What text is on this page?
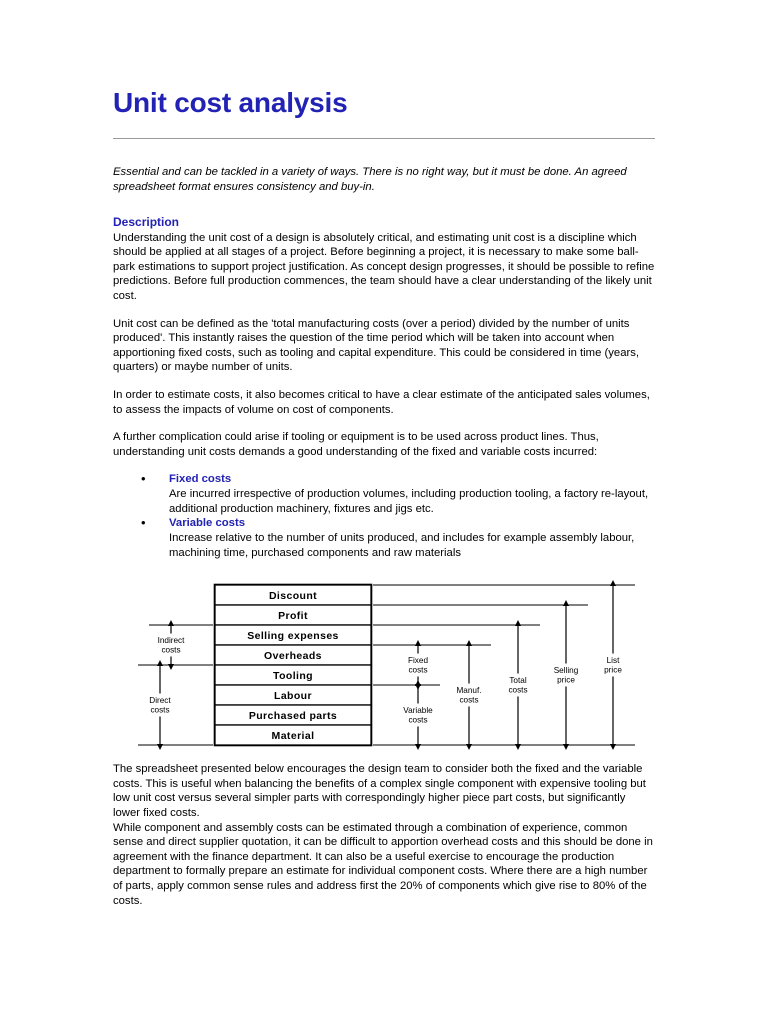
Unit cost analysis
Essential and can be tackled in a variety of ways. There is no right way, but it must be done. An agreed spreadsheet format ensures consistency and buy-in.
Description

Understanding the unit cost of a design is absolutely critical, and estimating unit cost is a discipline which should be applied at all stages of a project. Before beginning a project, it is necessary to make some ball-park estimations to support project justification. As concept design progresses, it should be possible to refine predictions. Before full production commences, the team should have a clear understanding of the likely unit cost.

Unit cost can be defined as the 'total manufacturing costs (over a period) divided by the number of units produced'. This instantly raises the question of the time period which will be taken into account when apportioning fixed costs, such as tooling and capital expenditure. This could be considered in time (years, quarters) or maybe number of units.

In order to estimate costs, it also becomes critical to have a clear estimate of the anticipated sales volumes, to assess the impacts of volume on cost of components.

A further complication could arise if tooling or equipment is to be used across product lines. Thus, understanding unit costs demands a good understanding of the fixed and variable costs incurred:

• Fixed costs
Are incurred irrespective of production volumes, including production tooling, a factory re-layout, additional production machinery, fixtures and jigs etc.
• Variable costs
Increase relative to the number of units produced, and includes for example assembly labour, machining time, purchased components and raw materials
Discount
Profit
Selling expenses
Overheads
Tooling
Labour
Purchased parts
Material
Indirect
costs
Direct
costs
Fixed
costs
Variable
costs
Manuf.
costs
Total
costs
Selling
price
List
price

The spreadsheet presented below encourages the design team to consider both the fixed and the variable costs. This is useful when balancing the benefits of a complex single component with expensive tooling but low unit cost versus several simpler parts with correspondingly higher piece part costs, but significantly lower fixed costs.

While component and assembly costs can be estimated through a combination of experience, common sense and direct supplier quotation, it can be difficult to apportion overhead costs and this should be done in agreement with the finance department. It can also be a useful exercise to encourage the production department to formally prepare an estimate for individual component costs. Where there are a high number of parts, apply common sense rules and address first the 20% of components which give rise to 80% of the costs.
